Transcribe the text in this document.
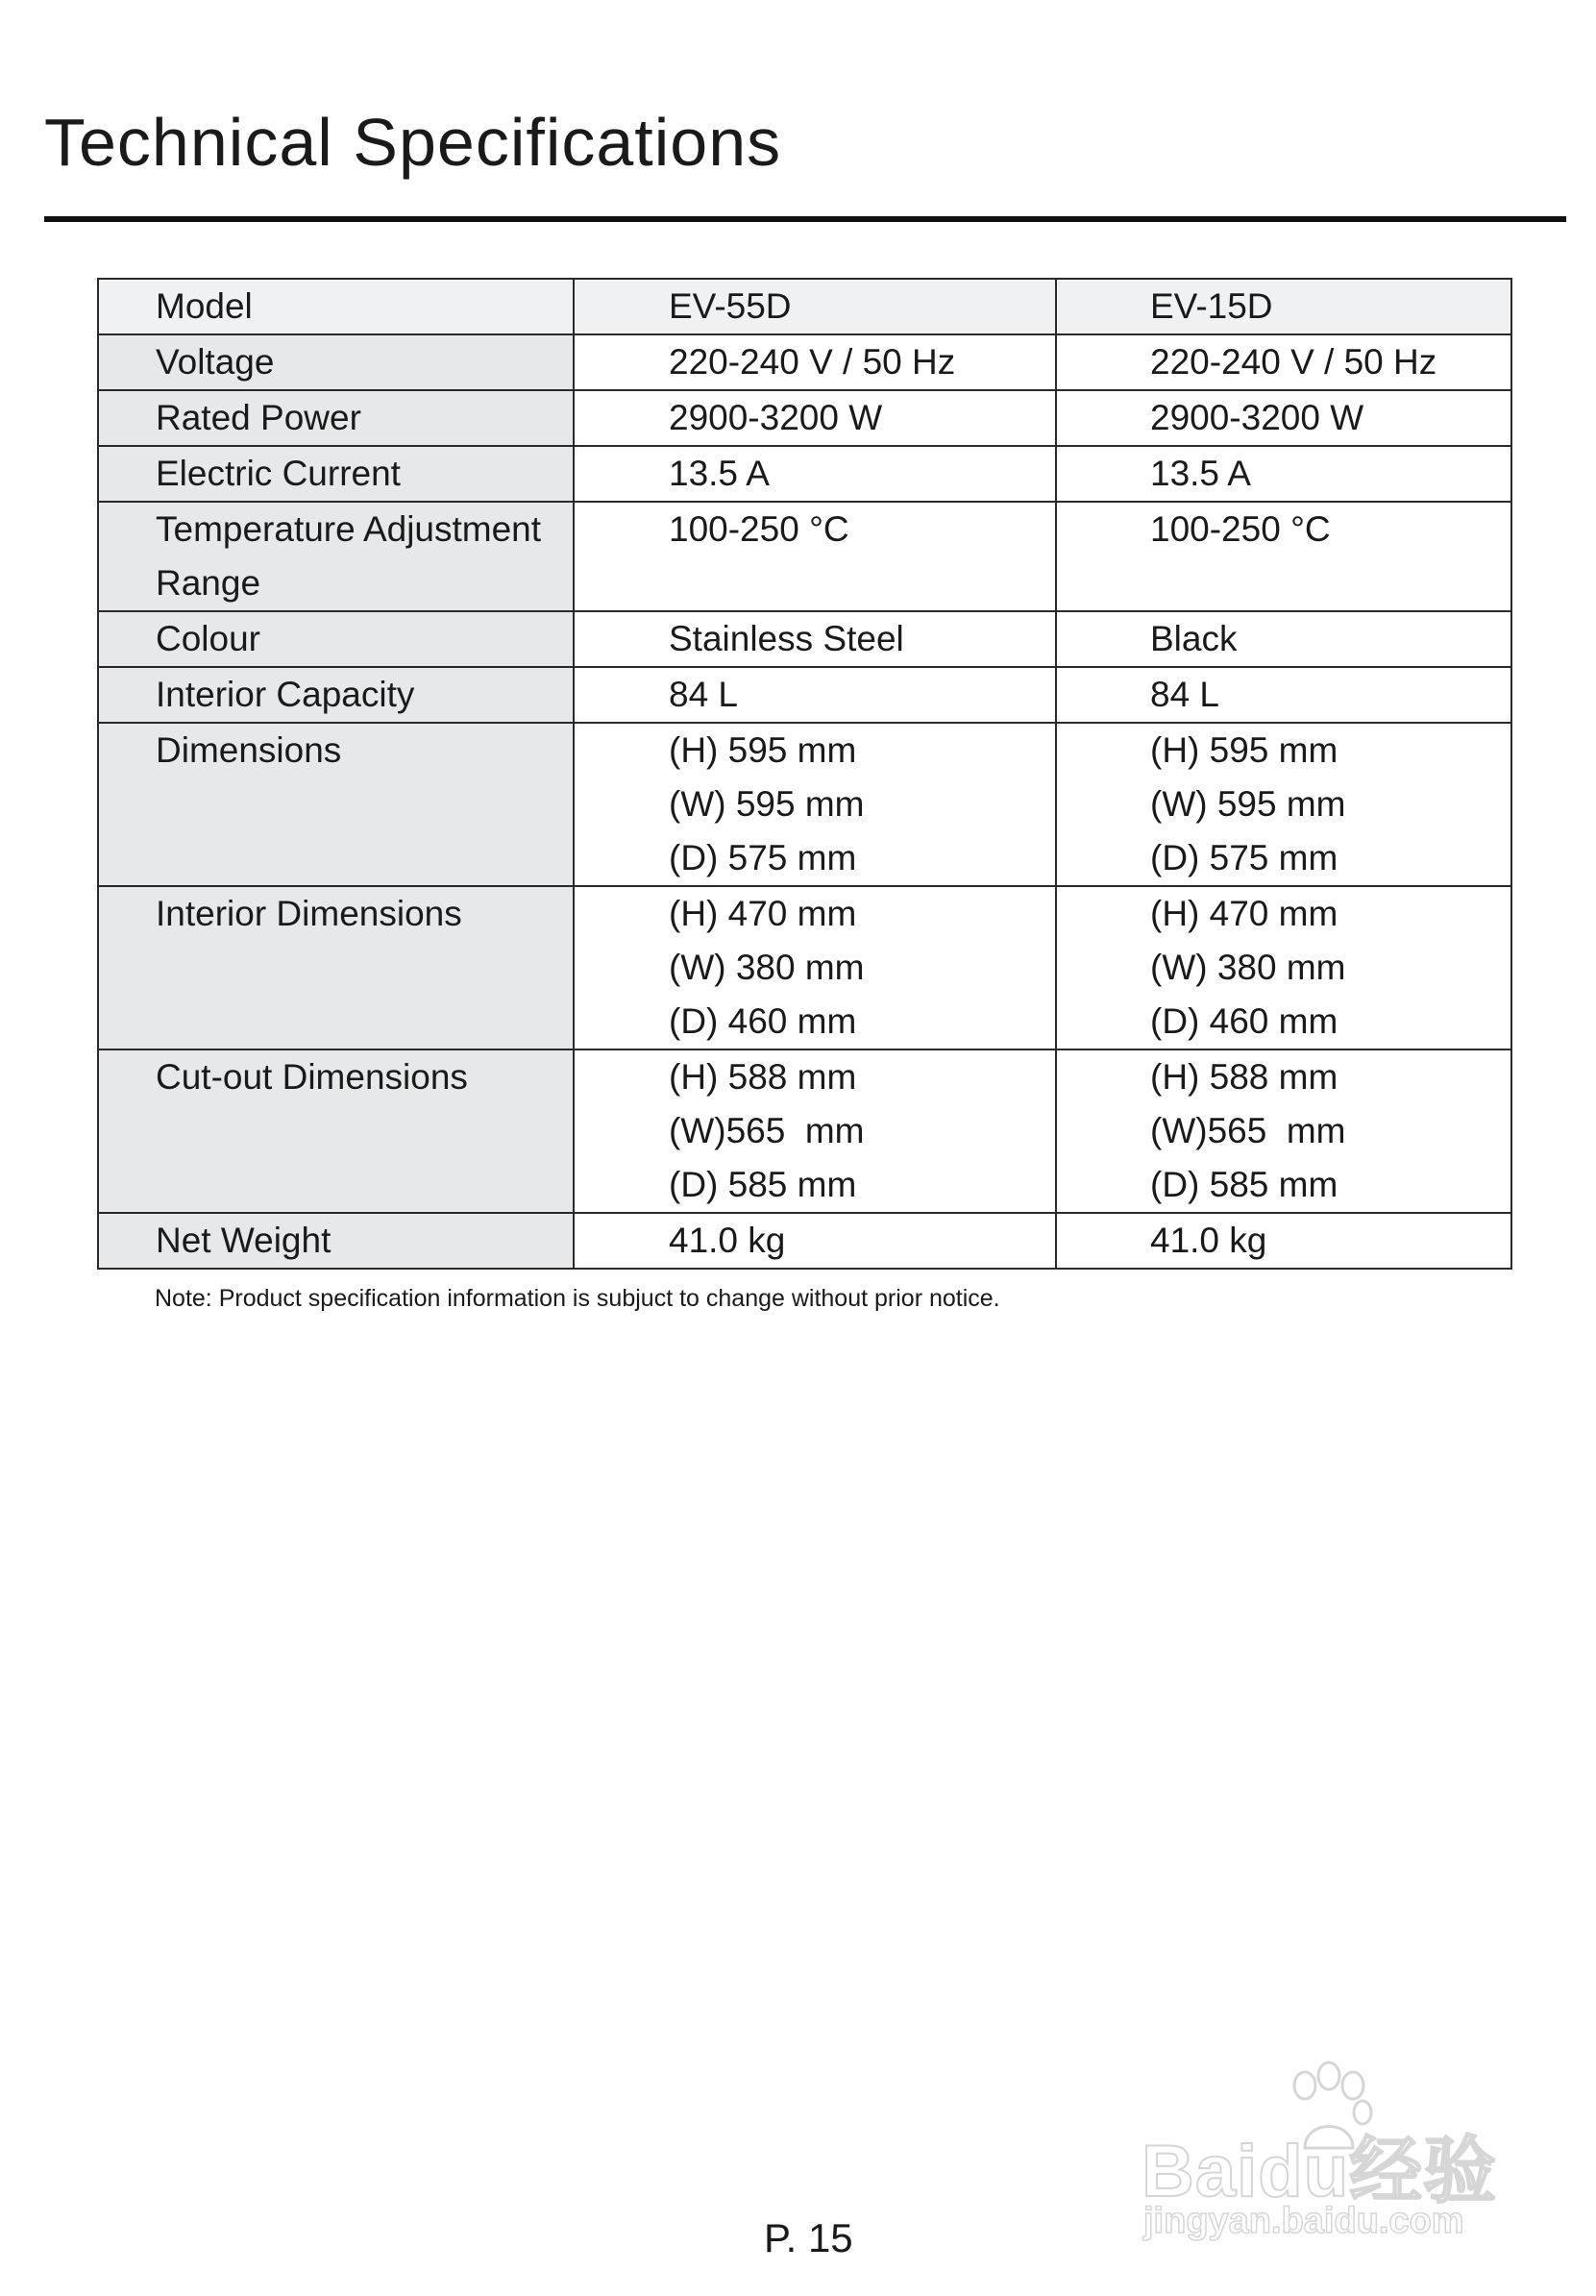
Technical Specifications
Model	EV-55D	EV-15D

Voltage	220-240 V / 50 Hz	220-240 V / 50 Hz

Rated Power	2900-3200 W	2900-3200 W

Electric Current	13.5 A	13.5 A

Temperature Adjustment
Range	100-250 °C	100-250 °C

Colour	Stainless Steel	Black

Interior Capacity	84 L	84 L

Dimensions	(H) 595 mm
(W) 595 mm
(D) 575 mm	(H) 595 mm
(W) 595 mm
(D) 575 mm

Interior Dimensions	(H) 470 mm
(W) 380 mm
(D) 460 mm	(H) 470 mm
(W) 380 mm
(D) 460 mm

Cut-out Dimensions	(H) 588 mm
(W)565  mm
(D) 585 mm	(H) 588 mm
(W)565  mm
(D) 585 mm

Net Weight	41.0 kg	41.0 kg
Note: Product specification information is subjuct to change without prior notice.
Baidu经验
jingyan.baidu.com
P. 15
